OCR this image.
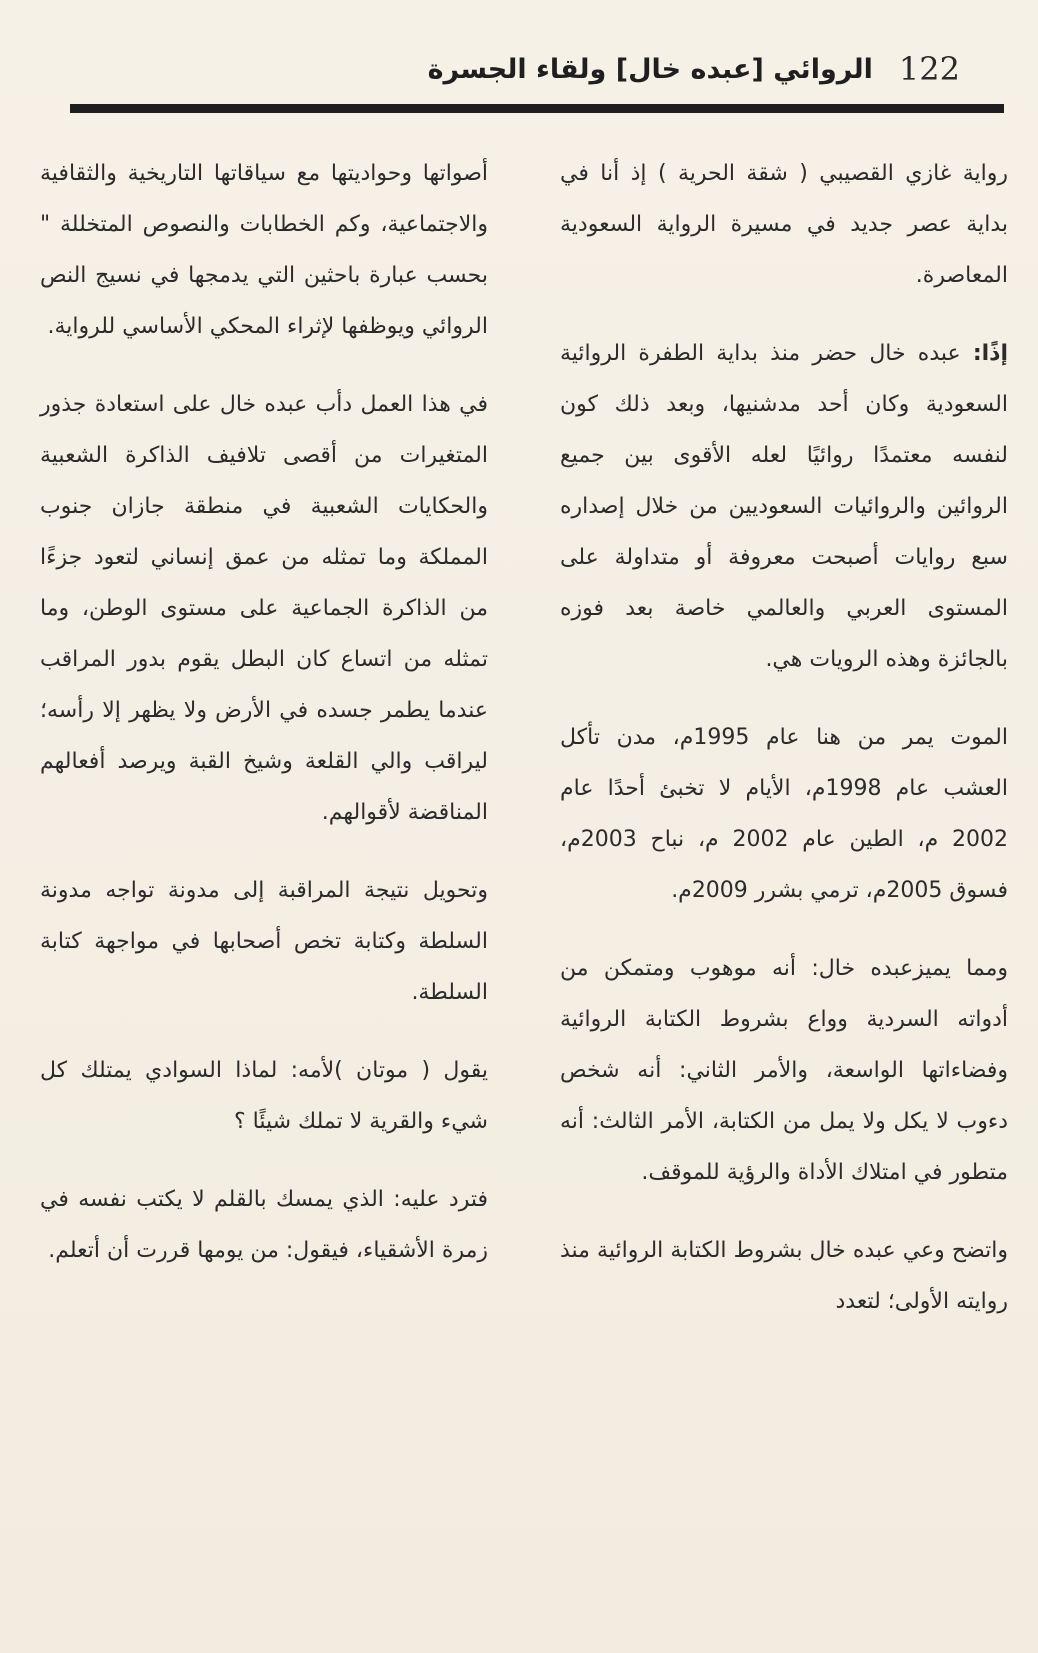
122
الروائي [عبده خال] ولقاء الجسرة

رواية غازي القصيبي ( شقة الحرية ) إذ أنا في بداية عصر جديد في مسيرة الرواية السعودية المعاصرة.

إذًا: عبده خال حضر منذ بداية الطفرة الروائية السعودية وكان أحد مدشنيها، وبعد ذلك كون لنفسه معتمدًا روائيًا لعله الأقوى بين جميع الروائين والروائيات السعوديين من خلال إصداره سبع روايات أصبحت معروفة أو متداولة على المستوى العربي والعالمي خاصة بعد فوزه بالجائزة وهذه الرويات هي.

الموت يمر من هنا عام 1995م، مدن تأكل العشب عام 1998م، الأيام لا تخبئ أحدًا عام 2002 م، الطين عام 2002 م، نباح 2003م، فسوق 2005م، ترمي بشرر 2009م.

ومما يميزعبده خال: أنه موهوب ومتمكن من أدواته السردية وواع بشروط الكتابة الروائية وفضاءاتها الواسعة، والأمر الثاني: أنه شخص دءوب لا يكل ولا يمل من الكتابة، الأمر الثالث: أنه متطور في امتلاك الأداة والرؤية للموقف.

واتضح وعي عبده خال بشروط الكتابة الروائية منذ روايته الأولى؛ لتعدد

أصواتها وحواديتها مع سياقاتها التاريخية والثقافية والاجتماعية، وكم الخطابات والنصوص المتخللة " بحسب عبارة باحثين التي يدمجها في نسيج النص الروائي ويوظفها لإثراء المحكي الأساسي للرواية.

في هذا العمل دأب عبده خال على استعادة جذور المتغيرات من أقصى تلافيف الذاكرة الشعبية والحكايات الشعبية في منطقة جازان جنوب المملكة وما تمثله من عمق إنساني لتعود جزءًا من الذاكرة الجماعية على مستوى الوطن، وما تمثله من اتساع كان البطل يقوم بدور المراقب عندما يطمر جسده في الأرض ولا يظهر إلا رأسه؛ ليراقب والي القلعة وشيخ القبة ويرصد أفعالهم المناقضة لأقوالهم.

وتحويل نتيجة المراقبة إلى مدونة تواجه مدونة السلطة وكتابة تخص أصحابها في مواجهة كتابة السلطة.

يقول ( موتان )لأمه: لماذا السوادي يمتلك كل شيء والقرية لا تملك شيئًا ؟

فترد عليه: الذي يمسك بالقلم لا يكتب نفسه في زمرة الأشقياء، فيقول: من يومها قررت أن أتعلم.
